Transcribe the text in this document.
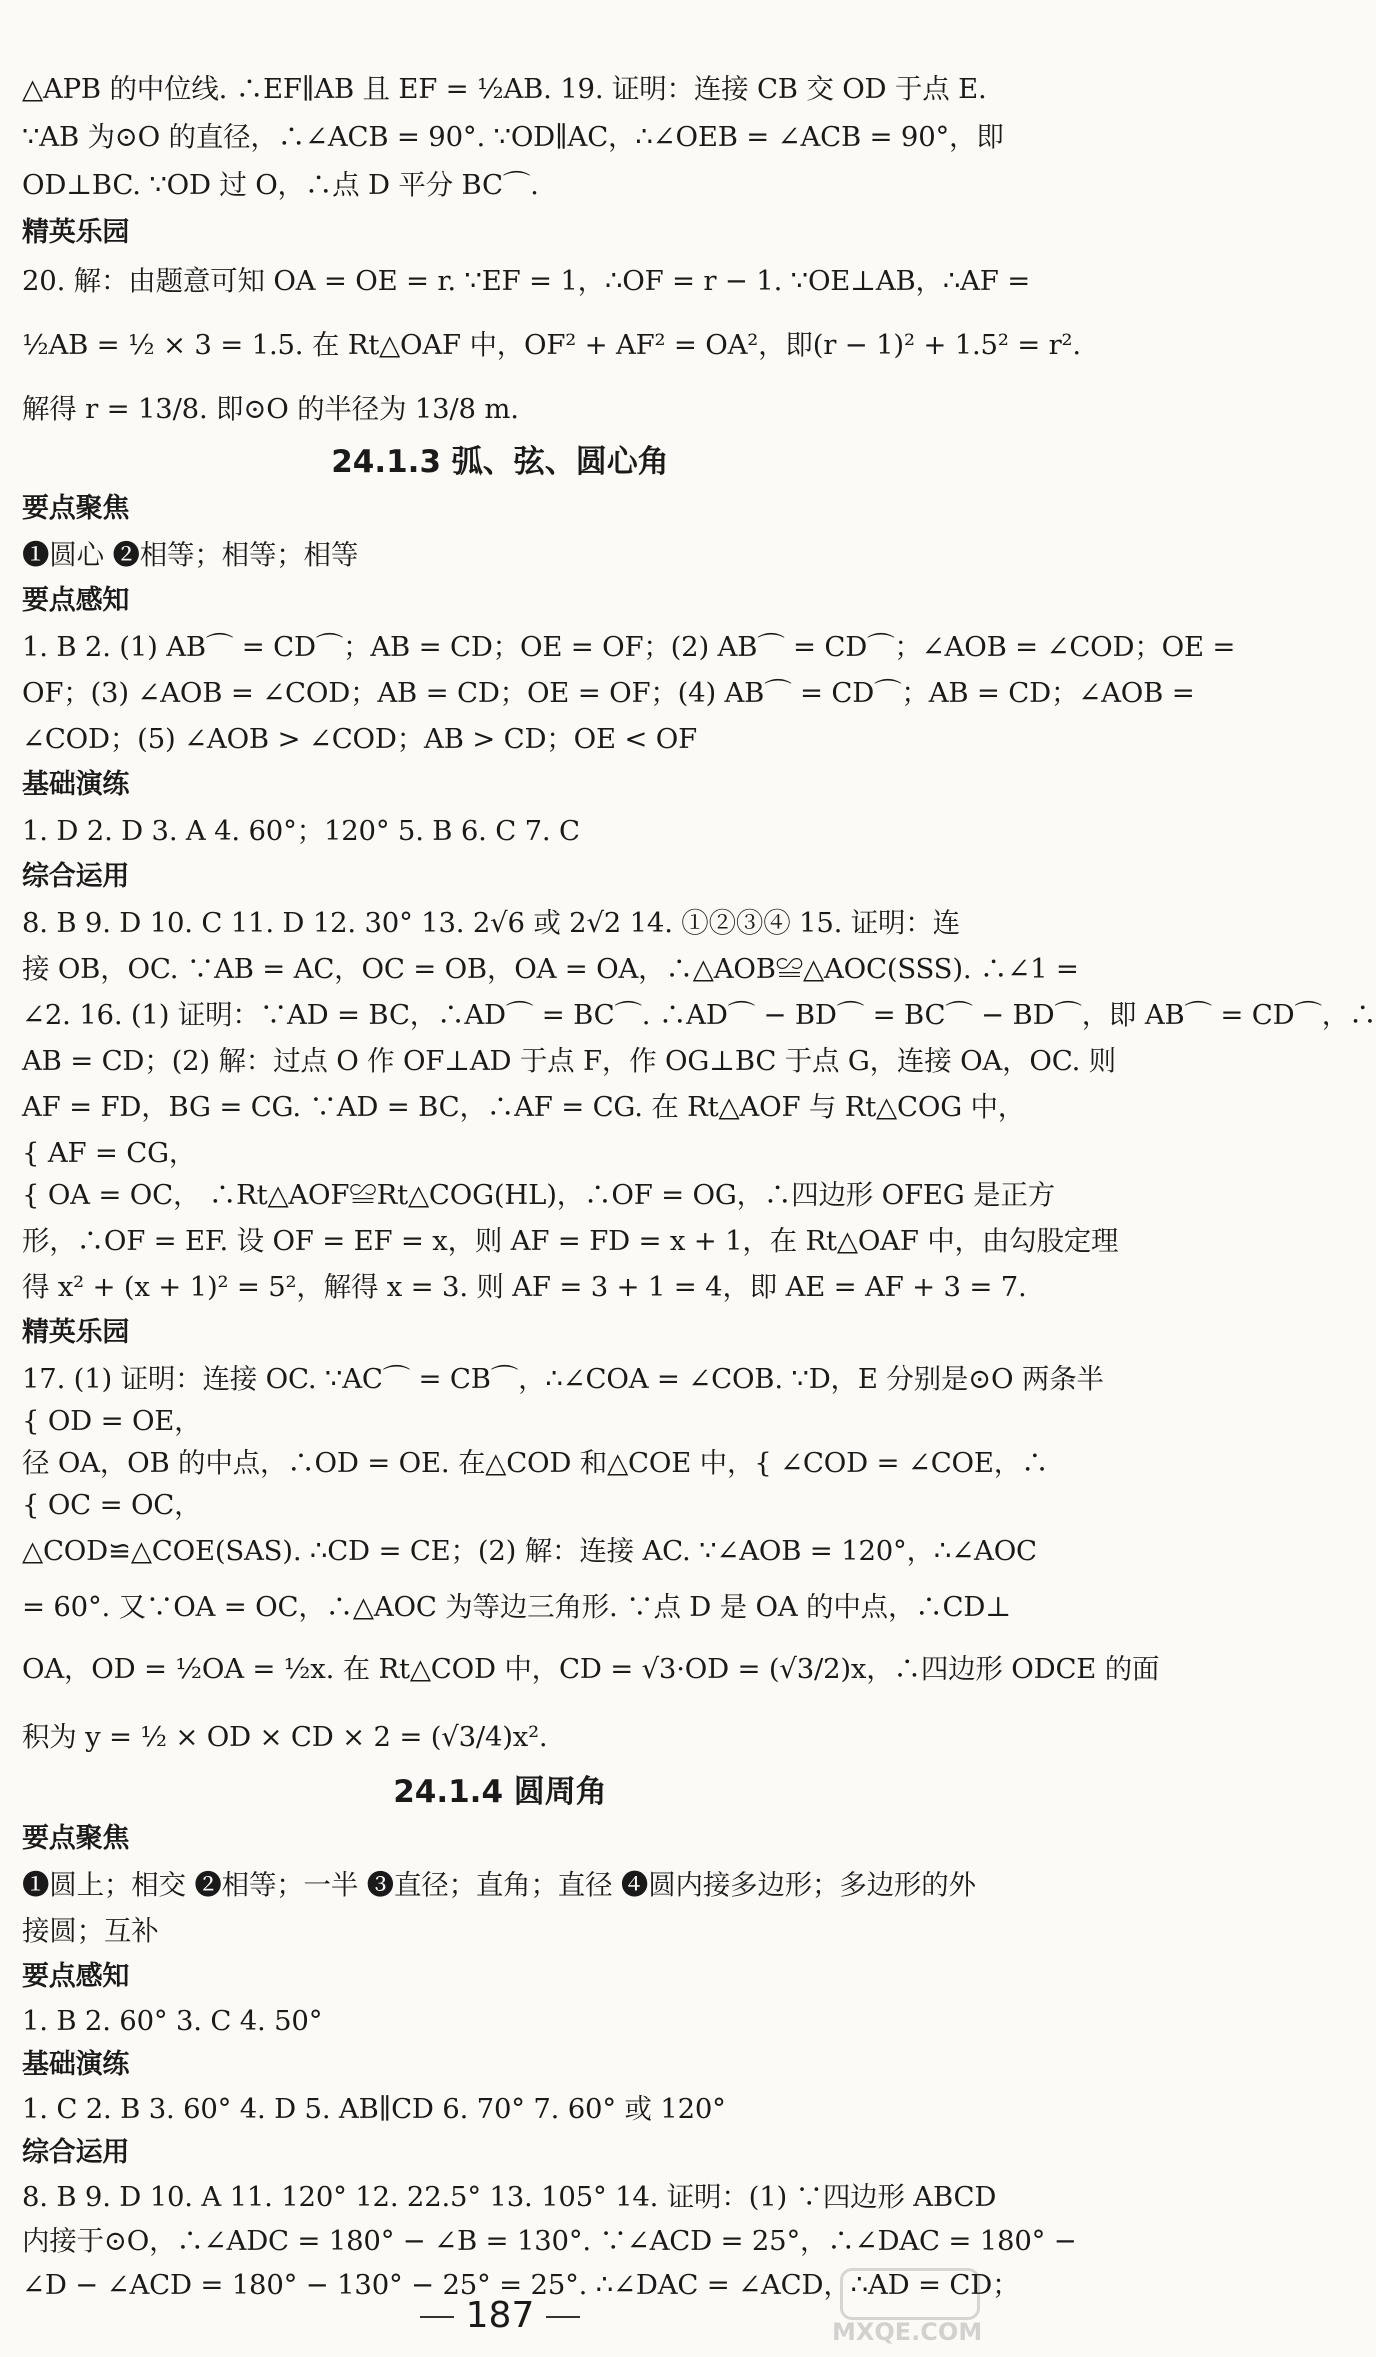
△APB 的中位线. ∴EF∥AB 且 EF = ½AB. 19. 证明：连接 CB 交 OD 于点 E.
∵AB 为⊙O 的直径，∴∠ACB = 90°. ∵OD∥AC，∴∠OEB = ∠ACB = 90°，即
OD⊥BC. ∵OD 过 O，∴点 D 平分 BC⌒.
精英乐园
20. 解：由题意可知 OA = OE = r. ∵EF = 1，∴OF = r − 1. ∵OE⊥AB，∴AF =
½AB = ½ × 3 = 1.5. 在 Rt△OAF 中，OF² + AF² = OA²，即(r − 1)² + 1.5² = r².
解得 r = 13/8. 即⊙O 的半径为 13/8 m.
24.1.3 弧、弦、圆心角
要点聚焦
❶圆心 ❷相等；相等；相等
要点感知
1. B 2. (1) AB⌒ = CD⌒；AB = CD；OE = OF；(2) AB⌒ = CD⌒；∠AOB = ∠COD；OE =
OF；(3) ∠AOB = ∠COD；AB = CD；OE = OF；(4) AB⌒ = CD⌒；AB = CD；∠AOB =
∠COD；(5) ∠AOB > ∠COD；AB > CD；OE < OF
基础演练
1. D 2. D 3. A 4. 60°；120° 5. B 6. C 7. C
综合运用
8. B 9. D 10. C 11. D 12. 30° 13. 2√6 或 2√2 14. ①②③④ 15. 证明：连
接 OB，OC. ∵AB = AC，OC = OB，OA = OA，∴△AOB≌△AOC(SSS). ∴∠1 =
∠2. 16. (1) 证明：∵AD = BC，∴AD⌒ = BC⌒. ∴AD⌒ − BD⌒ = BC⌒ − BD⌒，即 AB⌒ = CD⌒，∴
AB = CD；(2) 解：过点 O 作 OF⊥AD 于点 F，作 OG⊥BC 于点 G，连接 OA，OC. 则
AF = FD，BG = CG. ∵AD = BC，∴AF = CG. 在 Rt△AOF 与 Rt△COG 中，
{ AF = CG，
{ OA = OC， ∴Rt△AOF≌Rt△COG(HL)，∴OF = OG，∴四边形 OFEG 是正方
形，∴OF = EF. 设 OF = EF = x，则 AF = FD = x + 1，在 Rt△OAF 中，由勾股定理
得 x² + (x + 1)² = 5²，解得 x = 3. 则 AF = 3 + 1 = 4，即 AE = AF + 3 = 7.
精英乐园
17. (1) 证明：连接 OC. ∵AC⌒ = CB⌒，∴∠COA = ∠COB. ∵D，E 分别是⊙O 两条半
{ OD = OE，
径 OA，OB 的中点，∴OD = OE. 在△COD 和△COE 中，{ ∠COD = ∠COE，∴
{ OC = OC，
△COD≌△COE(SAS). ∴CD = CE；(2) 解：连接 AC. ∵∠AOB = 120°，∴∠AOC
= 60°. 又∵OA = OC，∴△AOC 为等边三角形. ∵点 D 是 OA 的中点，∴CD⊥
OA，OD = ½OA = ½x. 在 Rt△COD 中，CD = √3·OD = (√3/2)x，∴四边形 ODCE 的面
积为 y = ½ × OD × CD × 2 = (√3/4)x².
24.1.4 圆周角
要点聚焦
❶圆上；相交 ❷相等；一半 ❸直径；直角；直径 ❹圆内接多边形；多边形的外
接圆；互补
要点感知
1. B 2. 60° 3. C 4. 50°
基础演练
1. C 2. B 3. 60° 4. D 5. AB∥CD 6. 70° 7. 60° 或 120°
综合运用
8. B 9. D 10. A 11. 120° 12. 22.5° 13. 105° 14. 证明：(1) ∵四边形 ABCD
内接于⊙O，∴∠ADC = 180° − ∠B = 130°. ∵∠ACD = 25°，∴∠DAC = 180° −
∠D − ∠ACD = 180° − 130° − 25° = 25°. ∴∠DAC = ∠ACD，∴AD = CD；
187	MXQE.COM
